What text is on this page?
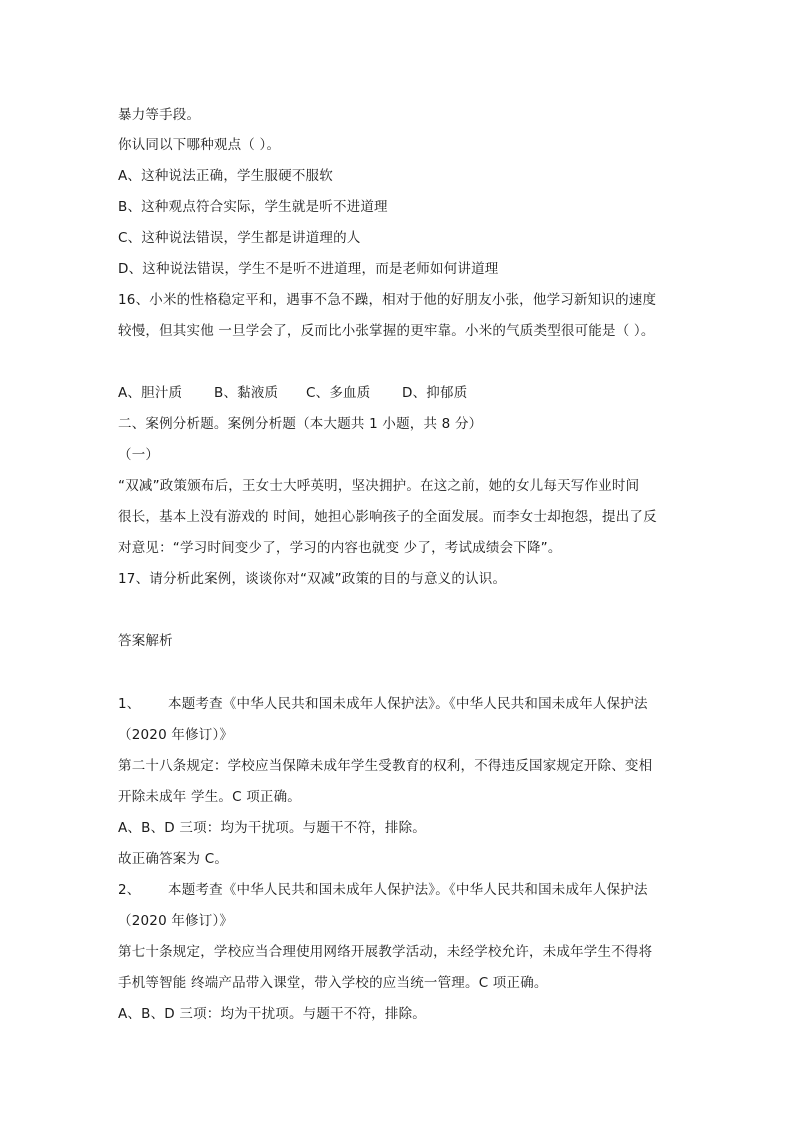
暴力等手段。
你认同以下哪种观点（ ）。
A、这种说法正确，学生服硬不服软
B、这种观点符合实际，学生就是听不进道理
C、这种说法错误，学生都是讲道理的人
D、这种说法错误，学生不是听不进道理，而是老师如何讲道理
16、小米的性格稳定平和，遇事不急不躁，相对于他的好朋友小张，他学习新知识的速度
较慢，但其实他 一旦学会了，反而比小张掌握的更牢靠。小米的气质类型很可能是（ ）。
A、胆汁质 B、黏液质 C、多血质 D、抑郁质
二、案例分析题。案例分析题（本大题共 1 小题，共 8 分）
（一）
“双减”政策颁布后，王女士大呼英明，坚决拥护。在这之前，她的女儿每天写作业时间
很长，基本上没有游戏的 时间，她担心影响孩子的全面发展。而李女士却抱怨，提出了反
对意见：“学习时间变少了，学习的内容也就变 少了，考试成绩会下降”。
17、请分析此案例，谈谈你对“双减”政策的目的与意义的认识。
答案解析
1、 本题考查《中华人民共和国未成年人保护法》。《中华人民共和国未成年人保护法
（2020 年修订）》
第二十八条规定：学校应当保障未成年学生受教育的权利，不得违反国家规定开除、变相
开除未成年 学生。C 项正确。
A、B、D 三项：均为干扰项。与题干不符，排除。
故正确答案为 C。
2、 本题考查《中华人民共和国未成年人保护法》。《中华人民共和国未成年人保护法
（2020 年修订）》
第七十条规定，学校应当合理使用网络开展教学活动，未经学校允许，未成年学生不得将
手机等智能 终端产品带入课堂，带入学校的应当统一管理。C 项正确。
A、B、D 三项：均为干扰项。与题干不符，排除。
